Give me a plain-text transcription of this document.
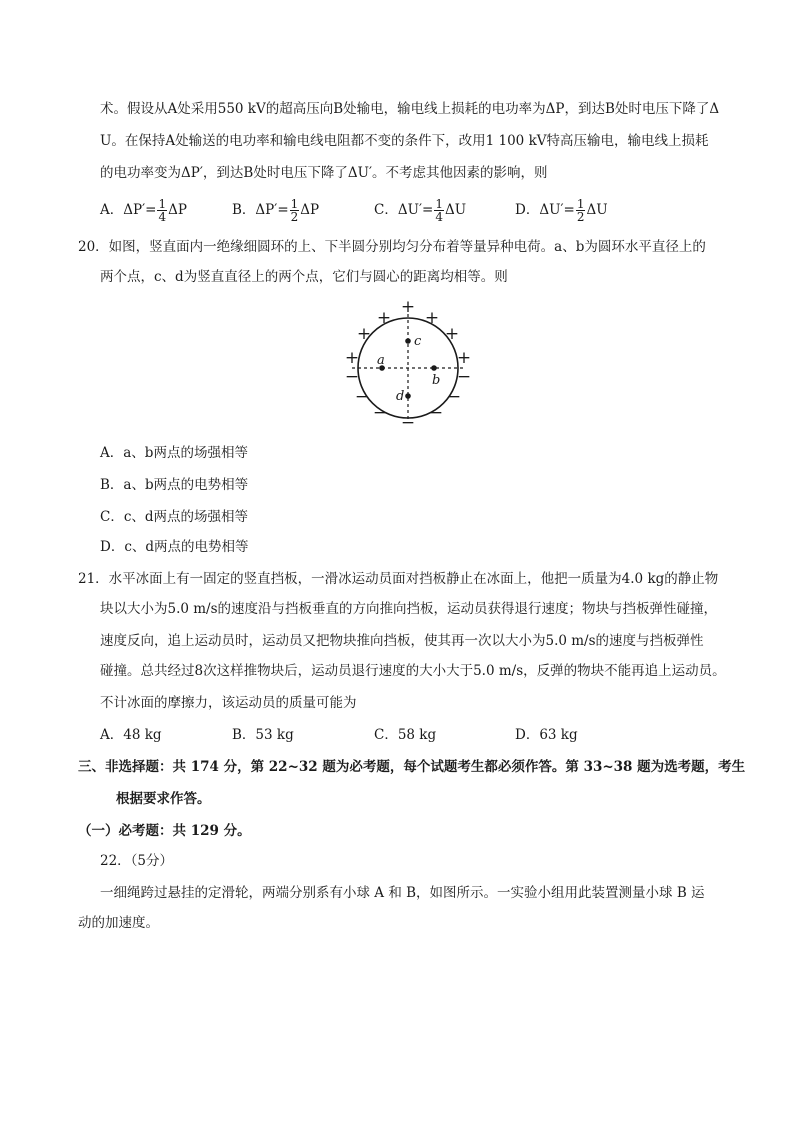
术。假设从A处采用550 kV的超高压向B处输电，输电线上损耗的电功率为ΔP，到达B处时电压下降了Δ
U。在保持A处输送的电功率和输电线电阻都不变的条件下，改用1 100 kV特高压输电，输电线上损耗
的电功率变为ΔP′，到达B处时电压下降了ΔU′。不考虑其他因素的影响，则
A．$\Delta P'= \frac{1}{4}$ ΔP	B．$\Delta P'= \frac{1}{2}$ ΔP	C．$\Delta U'= \frac{1}{4}$ ΔU	D．$\Delta U'= \frac{1}{2}$ ΔU
20．如图，竖直面内一绝缘细圆环的上、下半圆分别均匀分布着等量异种电荷。a、b为圆环水平直径上的
两个点，c、d为竖直直径上的两个点，它们与圆心的距离均相等。则
+
+ +
+	+
+	+
−	−
−	−
− −
−
a
b
c
d
A．a、b两点的场强相等
B．a、b两点的电势相等
C．c、d两点的场强相等
D．c、d两点的电势相等
21．水平冰面上有一固定的竖直挡板，一滑冰运动员面对挡板静止在冰面上，他把一质量为4.0 kg的静止物
块以大小为5.0 m/s的速度沿与挡板垂直的方向推向挡板，运动员获得退行速度；物块与挡板弹性碰撞，
速度反向，追上运动员时，运动员又把物块推向挡板，使其再一次以大小为5.0 m/s的速度与挡板弹性
碰撞。总共经过8次这样推物块后，运动员退行速度的大小大于5.0 m/s，反弹的物块不能再追上运动员。
不计冰面的摩擦力，该运动员的质量可能为
A．48 kg	B．53 kg	C．58 kg	D．63 kg
三、非选择题：共 174 分，第 22~32 题为必考题，每个试题考生都必须作答。第 33~38 题为选考题，考生
根据要求作答。
（一）必考题：共 129 分。
22．（5分）
一细绳跨过悬挂的定滑轮，两端分别系有小球 A 和 B，如图所示。一实验小组用此装置测量小球 B 运
动的加速度。
